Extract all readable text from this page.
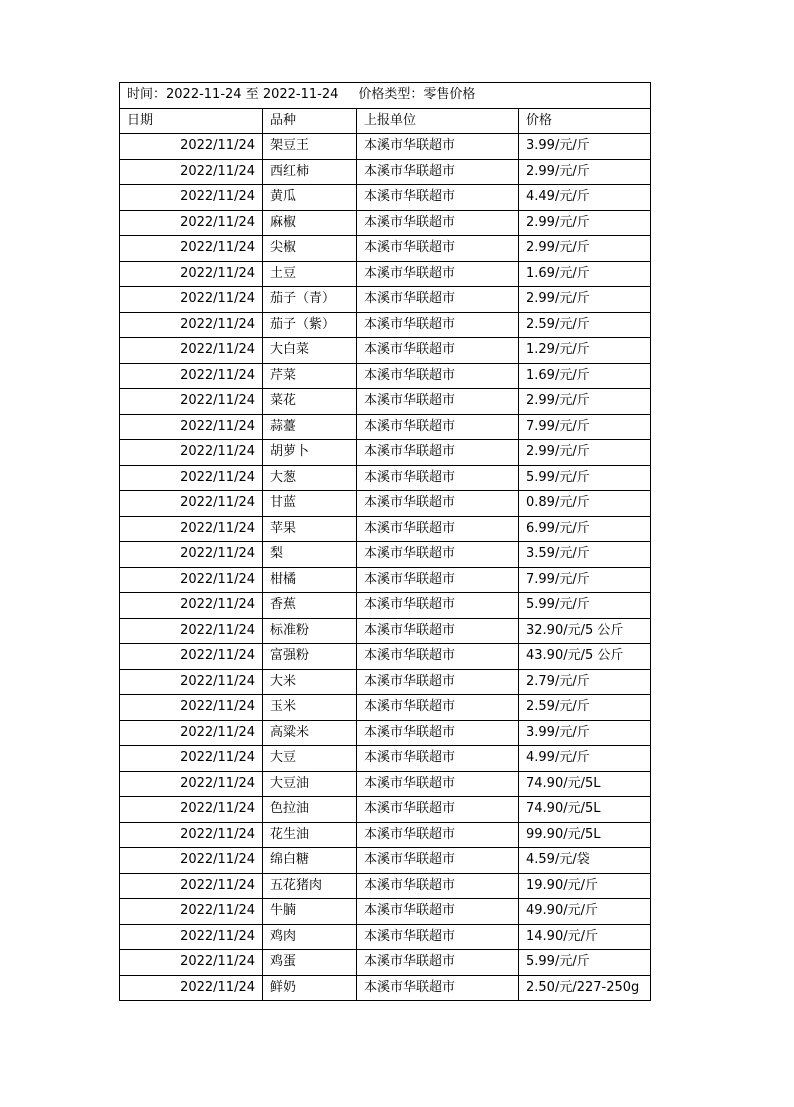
时间：2022-11-24 至 2022-11-24 价格类型：零售价格			
日期	品种	上报单位	价格
2022/11/24	架豆王	本溪市华联超市	3.99/元/斤
2022/11/24	西红柿	本溪市华联超市	2.99/元/斤
2022/11/24	黄瓜	本溪市华联超市	4.49/元/斤
2022/11/24	麻椒	本溪市华联超市	2.99/元/斤
2022/11/24	尖椒	本溪市华联超市	2.99/元/斤
2022/11/24	土豆	本溪市华联超市	1.69/元/斤
2022/11/24	茄子（青）	本溪市华联超市	2.99/元/斤
2022/11/24	茄子（紫）	本溪市华联超市	2.59/元/斤
2022/11/24	大白菜	本溪市华联超市	1.29/元/斤
2022/11/24	芹菜	本溪市华联超市	1.69/元/斤
2022/11/24	菜花	本溪市华联超市	2.99/元/斤
2022/11/24	蒜薹	本溪市华联超市	7.99/元/斤
2022/11/24	胡萝卜	本溪市华联超市	2.99/元/斤
2022/11/24	大葱	本溪市华联超市	5.99/元/斤
2022/11/24	甘蓝	本溪市华联超市	0.89/元/斤
2022/11/24	苹果	本溪市华联超市	6.99/元/斤
2022/11/24	梨	本溪市华联超市	3.59/元/斤
2022/11/24	柑橘	本溪市华联超市	7.99/元/斤
2022/11/24	香蕉	本溪市华联超市	5.99/元/斤
2022/11/24	标准粉	本溪市华联超市	32.90/元/5 公斤
2022/11/24	富强粉	本溪市华联超市	43.90/元/5 公斤
2022/11/24	大米	本溪市华联超市	2.79/元/斤
2022/11/24	玉米	本溪市华联超市	2.59/元/斤
2022/11/24	高粱米	本溪市华联超市	3.99/元/斤
2022/11/24	大豆	本溪市华联超市	4.99/元/斤
2022/11/24	大豆油	本溪市华联超市	74.90/元/5L
2022/11/24	色拉油	本溪市华联超市	74.90/元/5L
2022/11/24	花生油	本溪市华联超市	99.90/元/5L
2022/11/24	绵白糖	本溪市华联超市	4.59/元/袋
2022/11/24	五花猪肉	本溪市华联超市	19.90/元/斤
2022/11/24	牛腩	本溪市华联超市	49.90/元/斤
2022/11/24	鸡肉	本溪市华联超市	14.90/元/斤
2022/11/24	鸡蛋	本溪市华联超市	5.99/元/斤
2022/11/24	鲜奶	本溪市华联超市	2.50/元/227-250g
